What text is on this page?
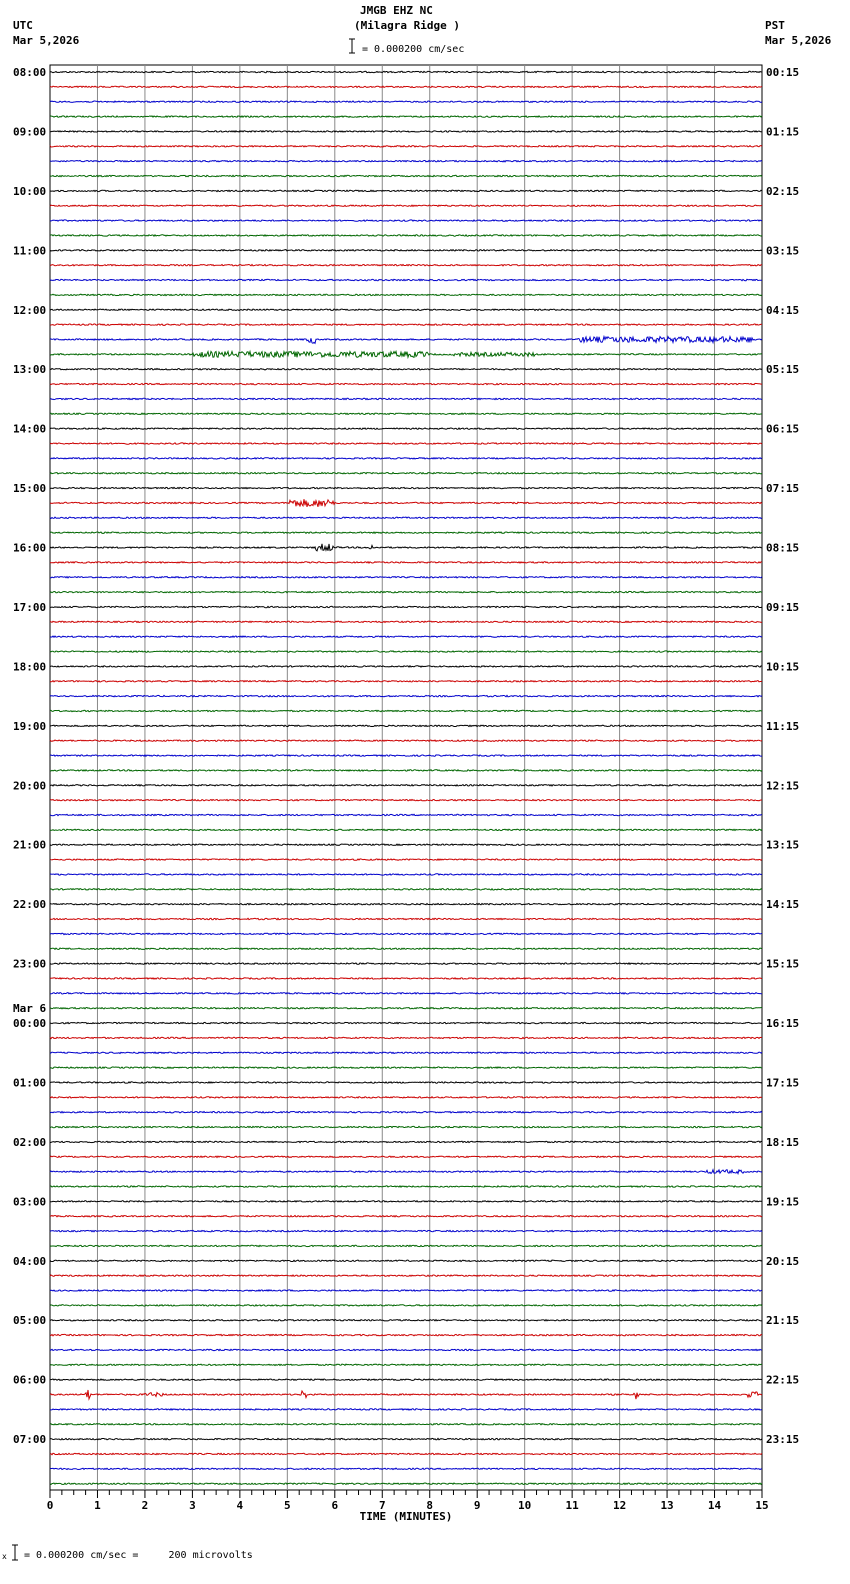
JMGB EHZ NC
(Milagra Ridge )
= 0.000200 cm/sec
UTC
Mar 5,2026
PST
Mar 5,2026
08:00
09:00
10:00
11:00
12:00
13:00
14:00
15:00
16:00
17:00
18:00
19:00
20:00
21:00
22:00
23:00
Mar 6
00:00
01:00
02:00
03:00
04:00
05:00
06:00
07:00
00:15
01:15
02:15
03:15
04:15
05:15
06:15
07:15
08:15
09:15
10:15
11:15
12:15
13:15
14:15
15:15
16:15
17:15
18:15
19:15
20:15
21:15
22:15
23:15
0	1	2	3	4	5	6	7	8	9	10	11	12	13	14	15
TIME (MINUTES)
x = 0.000200 cm/sec =     200 microvolts
